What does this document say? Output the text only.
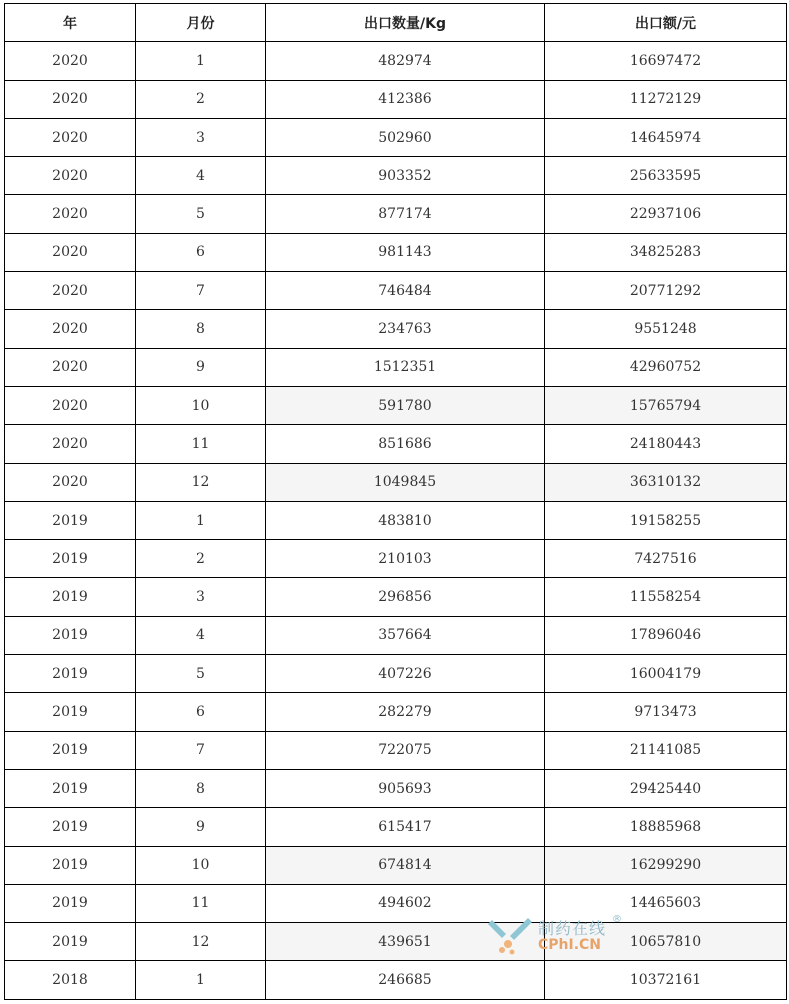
年	月份	出口数量/Kg	出口额/元
2020	1	482974	16697472
2020	2	412386	11272129
2020	3	502960	14645974
2020	4	903352	25633595
2020	5	877174	22937106
2020	6	981143	34825283
2020	7	746484	20771292
2020	8	234763	9551248
2020	9	1512351	42960752
2020	10	591780	15765794
2020	11	851686	24180443
2020	12	1049845	36310132
2019	1	483810	19158255
2019	2	210103	7427516
2019	3	296856	11558254
2019	4	357664	17896046
2019	5	407226	16004179
2019	6	282279	9713473
2019	7	722075	21141085
2019	8	905693	29425440
2019	9	615417	18885968
2019	10	674814	16299290
2019	11	494602	14465603
2019	12	439651	10657810
2018	1	246685	10372161
制药在线 ®
CPhI.CN
